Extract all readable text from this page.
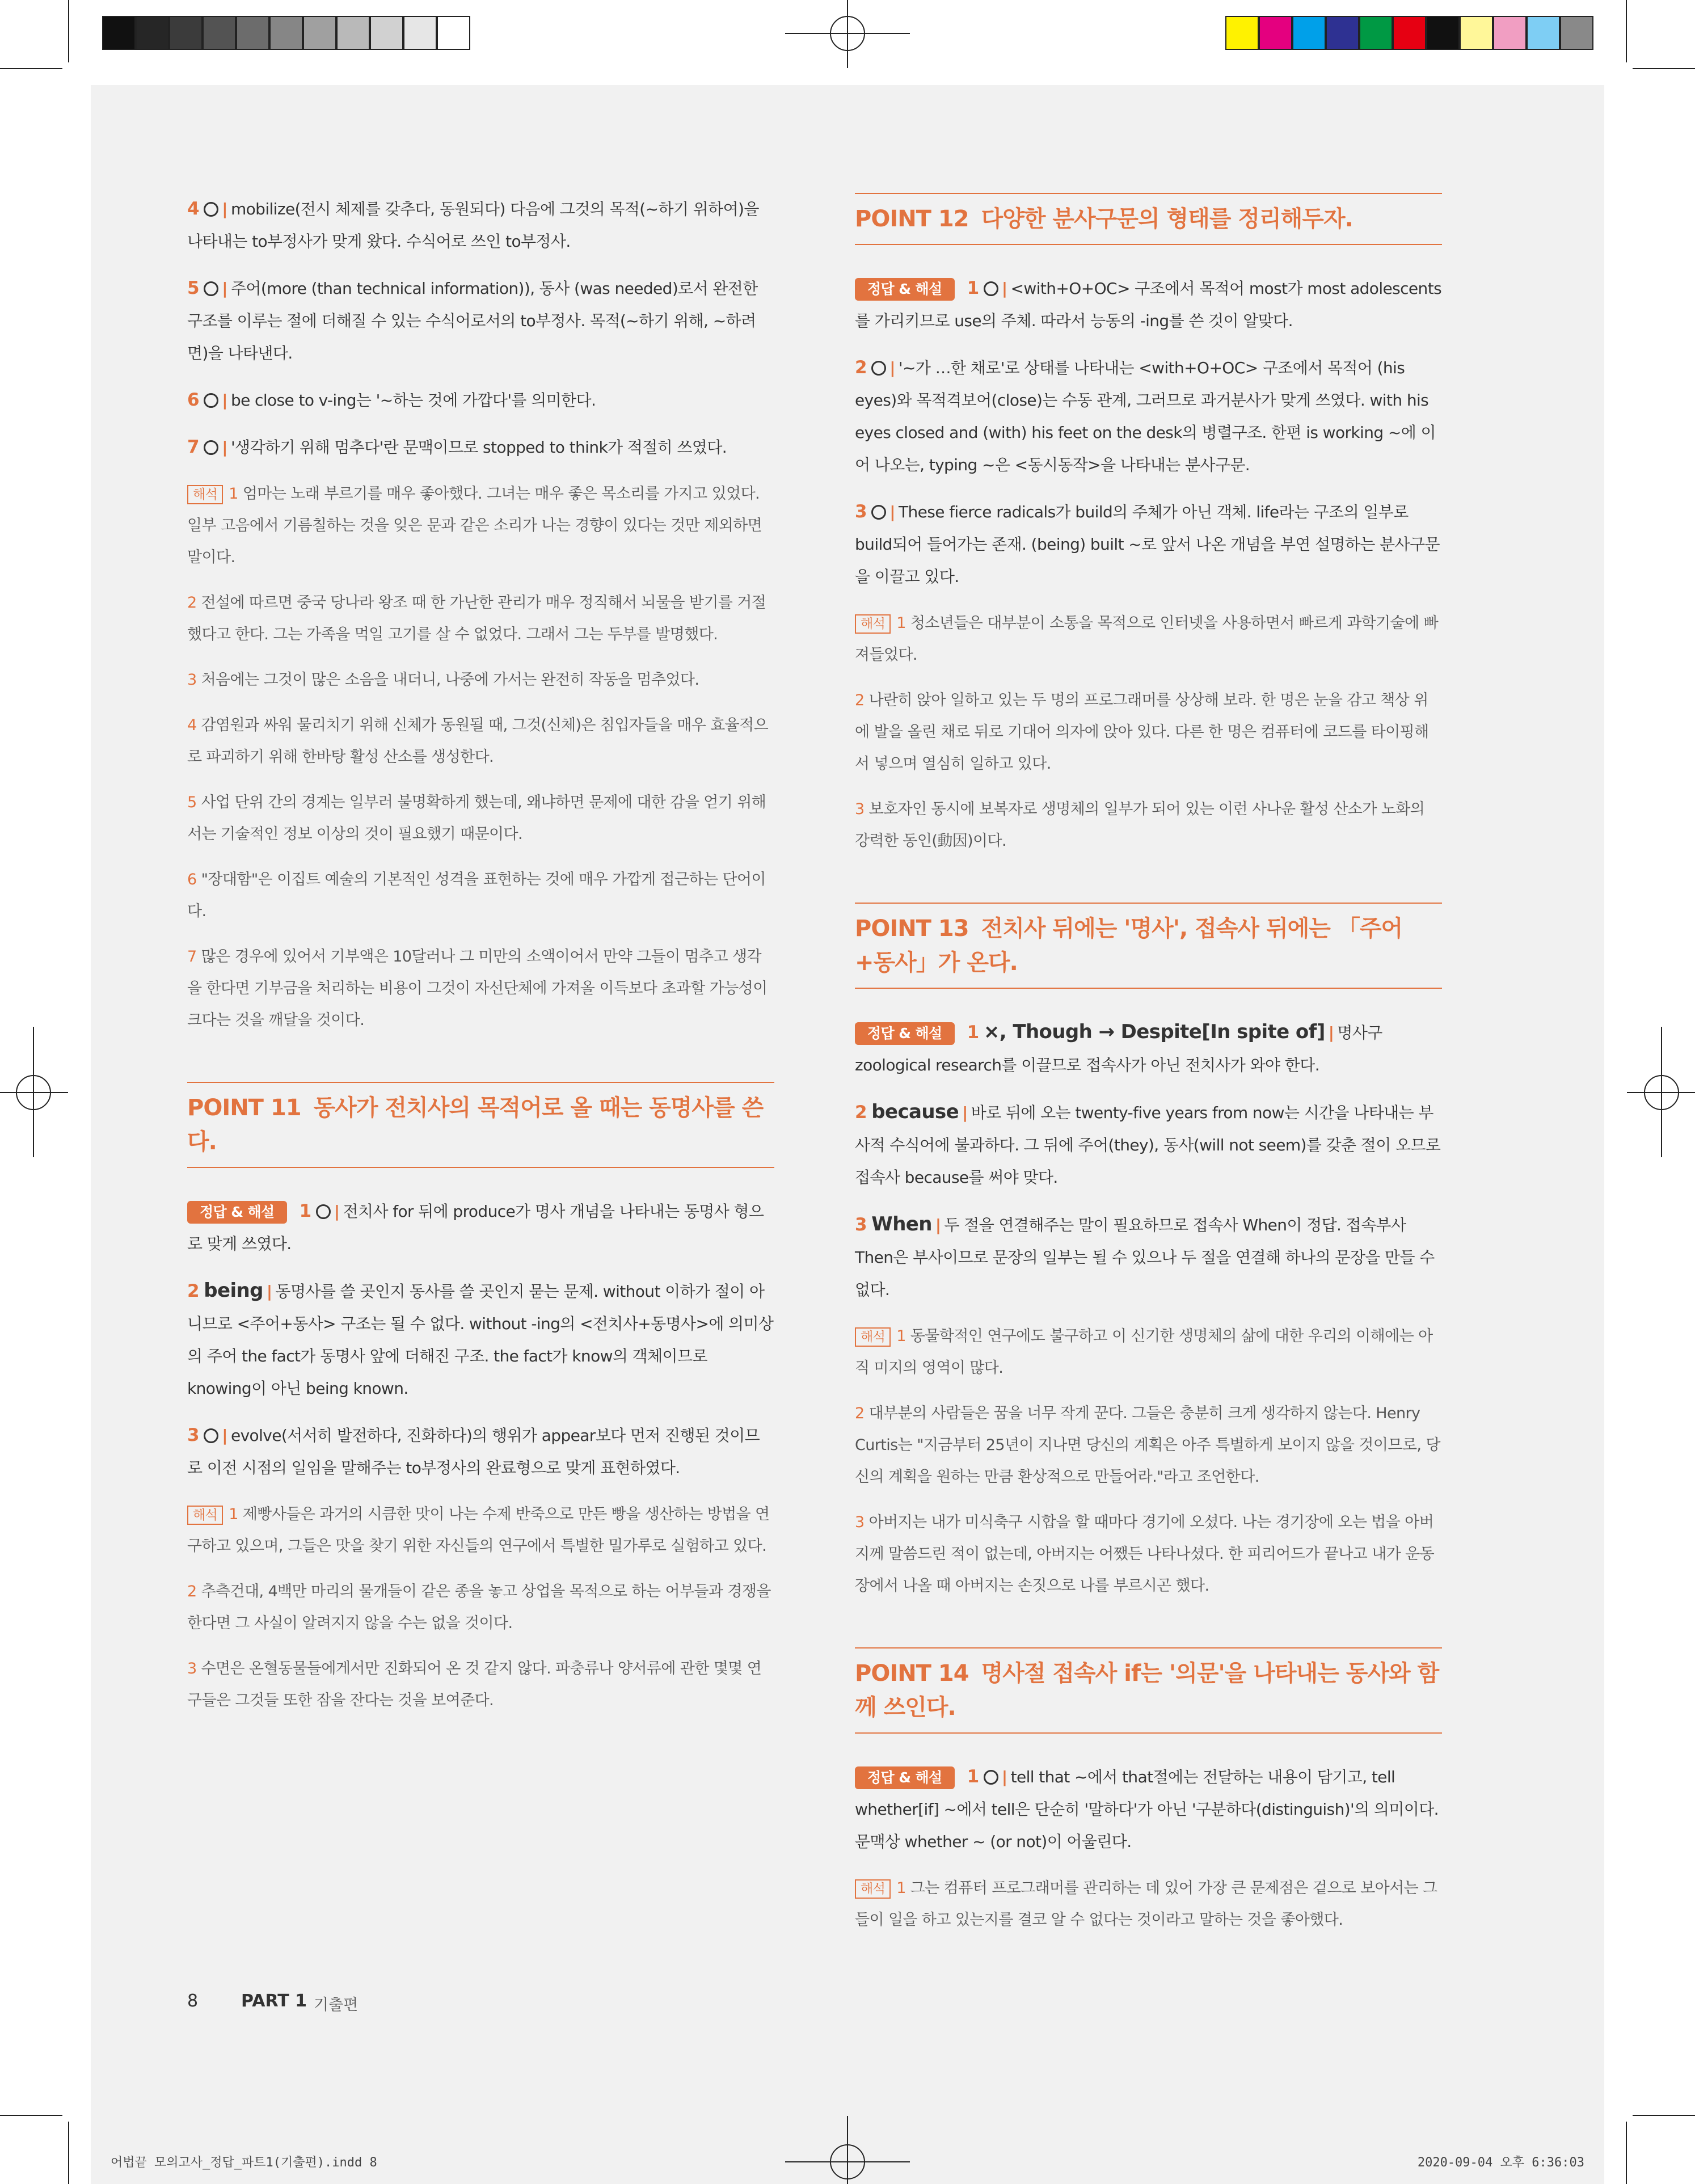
4 ○ | mobilize(전시 체제를 갖추다, 동원되다) 다음에 그것의 목적(~하기 위하여)을 나타내는 to부정사가 맞게 왔다. 수식어로 쓰인 to부정사.

5 ○ | 주어(more (than technical information)), 동사 (was needed)로서 완전한 구조를 이루는 절에 더해질 수 있는 수식어로서의 to부정사. 목적(~하기 위해, ~하려면)을 나타낸다.

6 ○ | be close to v-ing는 '~하는 것에 가깝다'를 의미한다.

7 ○ | '생각하기 위해 멈추다'란 문맥이므로 stopped to think가 적절히 쓰였다.

해석 1 엄마는 노래 부르기를 매우 좋아했다. 그녀는 매우 좋은 목소리를 가지고 있었다. 일부 고음에서 기름칠하는 것을 잊은 문과 같은 소리가 나는 경향이 있다는 것만 제외하면 말이다.

2 전설에 따르면 중국 당나라 왕조 때 한 가난한 관리가 매우 정직해서 뇌물을 받기를 거절했다고 한다. 그는 가족을 먹일 고기를 살 수 없었다. 그래서 그는 두부를 발명했다.

3 처음에는 그것이 많은 소음을 내더니, 나중에 가서는 완전히 작동을 멈추었다.

4 감염원과 싸워 물리치기 위해 신체가 동원될 때, 그것(신체)은 침입자들을 매우 효율적으로 파괴하기 위해 한바탕 활성 산소를 생성한다.

5 사업 단위 간의 경계는 일부러 불명확하게 했는데, 왜냐하면 문제에 대한 감을 얻기 위해서는 기술적인 정보 이상의 것이 필요했기 때문이다.

6 "장대함"은 이집트 예술의 기본적인 성격을 표현하는 것에 매우 가깝게 접근하는 단어이다.

7 많은 경우에 있어서 기부액은 10달러나 그 미만의 소액이어서 만약 그들이 멈추고 생각을 한다면 기부금을 처리하는 비용이 그것이 자선단체에 가져올 이득보다 초과할 가능성이 크다는 것을 깨달을 것이다.

POINT 11 동사가 전치사의 목적어로 올 때는 동명사를 쓴다.

정답 & 해설 1 ○ | 전치사 for 뒤에 produce가 명사 개념을 나타내는 동명사 형으로 맞게 쓰였다.

2 being | 동명사를 쓸 곳인지 동사를 쓸 곳인지 묻는 문제. without 이하가 절이 아니므로 <주어+동사> 구조는 될 수 없다. without -ing의 <전치사+동명사>에 의미상의 주어 the fact가 동명사 앞에 더해진 구조. the fact가 know의 객체이므로 knowing이 아닌 being known.

3 ○ | evolve(서서히 발전하다, 진화하다)의 행위가 appear보다 먼저 진행된 것이므로 이전 시점의 일임을 말해주는 to부정사의 완료형으로 맞게 표현하였다.

해석 1 제빵사들은 과거의 시큼한 맛이 나는 수제 반죽으로 만든 빵을 생산하는 방법을 연구하고 있으며, 그들은 맛을 찾기 위한 자신들의 연구에서 특별한 밀가루로 실험하고 있다.

2 추측건대, 4백만 마리의 물개들이 같은 종을 놓고 상업을 목적으로 하는 어부들과 경쟁을 한다면 그 사실이 알려지지 않을 수는 없을 것이다.

3 수면은 온혈동물들에게서만 진화되어 온 것 같지 않다. 파충류나 양서류에 관한 몇몇 연구들은 그것들 또한 잠을 잔다는 것을 보여준다.

POINT 12 다양한 분사구문의 형태를 정리해두자.

정답 & 해설 1 ○ | <with+O+OC> 구조에서 목적어 most가 most adolescents를 가리키므로 use의 주체. 따라서 능동의 -ing를 쓴 것이 알맞다.

2 ○ | '~가 …한 채로'로 상태를 나타내는 <with+O+OC> 구조에서 목적어 (his eyes)와 목적격보어(close)는 수동 관계, 그러므로 과거분사가 맞게 쓰였다. with his eyes closed and (with) his feet on the desk의 병렬구조. 한편 is working ~에 이어 나오는, typing ~은 <동시동작>을 나타내는 분사구문.

3 ○ | These fierce radicals가 build의 주체가 아닌 객체. life라는 구조의 일부로 build되어 들어가는 존재. (being) built ~로 앞서 나온 개념을 부연 설명하는 분사구문을 이끌고 있다.

해석 1 청소년들은 대부분이 소통을 목적으로 인터넷을 사용하면서 빠르게 과학기술에 빠져들었다.

2 나란히 앉아 일하고 있는 두 명의 프로그래머를 상상해 보라. 한 명은 눈을 감고 책상 위에 발을 올린 채로 뒤로 기대어 의자에 앉아 있다. 다른 한 명은 컴퓨터에 코드를 타이핑해서 넣으며 열심히 일하고 있다.

3 보호자인 동시에 보복자로 생명체의 일부가 되어 있는 이런 사나운 활성 산소가 노화의 강력한 동인(動因)이다.

POINT 13 전치사 뒤에는 '명사', 접속사 뒤에는 「주어+동사」가 온다.

정답 & 해설 1 ×, Though → Despite[In spite of] | 명사구 zoological research를 이끌므로 접속사가 아닌 전치사가 와야 한다.

2 because | 바로 뒤에 오는 twenty-five years from now는 시간을 나타내는 부사적 수식어에 불과하다. 그 뒤에 주어(they), 동사(will not seem)를 갖춘 절이 오므로 접속사 because를 써야 맞다.

3 When | 두 절을 연결해주는 말이 필요하므로 접속사 When이 정답. 접속부사 Then은 부사이므로 문장의 일부는 될 수 있으나 두 절을 연결해 하나의 문장을 만들 수 없다.

해석 1 동물학적인 연구에도 불구하고 이 신기한 생명체의 삶에 대한 우리의 이해에는 아직 미지의 영역이 많다.

2 대부분의 사람들은 꿈을 너무 작게 꾼다. 그들은 충분히 크게 생각하지 않는다. Henry Curtis는 "지금부터 25년이 지나면 당신의 계획은 아주 특별하게 보이지 않을 것이므로, 당신의 계획을 원하는 만큼 환상적으로 만들어라."라고 조언한다.

3 아버지는 내가 미식축구 시합을 할 때마다 경기에 오셨다. 나는 경기장에 오는 법을 아버지께 말씀드린 적이 없는데, 아버지는 어쨌든 나타나셨다. 한 피리어드가 끝나고 내가 운동장에서 나올 때 아버지는 손짓으로 나를 부르시곤 했다.

POINT 14 명사절 접속사 if는 '의문'을 나타내는 동사와 함께 쓰인다.

정답 & 해설 1 ○ | tell that ~에서 that절에는 전달하는 내용이 담기고, tell whether[if] ~에서 tell은 단순히 '말하다'가 아닌 '구분하다(distinguish)'의 의미이다. 문맥상 whether ~ (or not)이 어울린다.

해석 1 그는 컴퓨터 프로그래머를 관리하는 데 있어 가장 큰 문제점은 겉으로 보아서는 그들이 일을 하고 있는지를 결코 알 수 없다는 것이라고 말하는 것을 좋아했다.

8	PART 1 기출편
어법끝 모의고사_정답_파트1(기출편).indd 8	2020-09-04 오후 6:36:03
